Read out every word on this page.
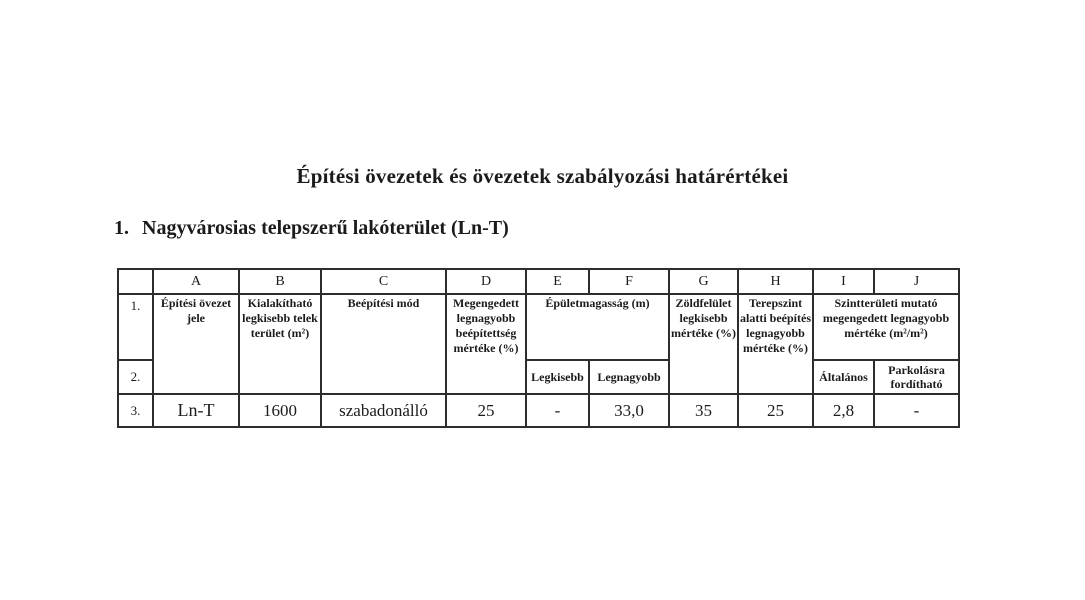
Építési övezetek és övezetek szabályozási határértékei
1. Nagyvárosias telepszerű lakóterület (Ln-T)
	A	B	C	D	E	F	G	H	I	J
1.	Építési övezet jele	Kialakítható legkisebb telek terület (m²)	Beépítési mód	Megengedett legnagyobb beépítettség mértéke (%)	Épületmagasság (m)		Zöldfelület legkisebb mértéke (%)	Terepszint alatti beépítés legnagyobb mértéke (%)	Szintterületi mutató megengedett legnagyobb mértéke (m²/m²)	
2.					Legkisebb	Legnagyobb			Általános	Parkolásra fordítható
3.	Ln-T	1600	szabadonálló	25	-	33,0	35	25	2,8	-
